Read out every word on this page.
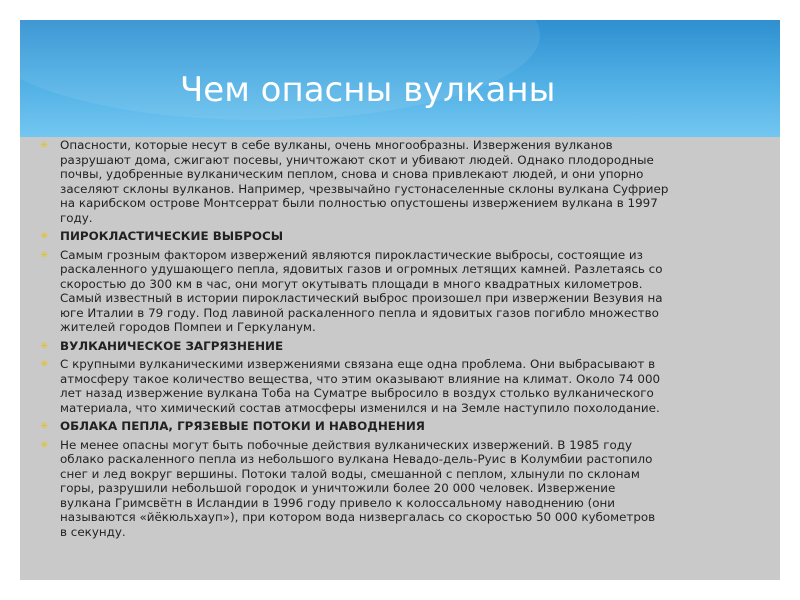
Чем опасны вулканы
✳ Опасности, которые несут в себе вулканы, очень многообразны. Извержения вулканов
разрушают дома, сжигают посевы, уничтожают скот и убивают людей. Однако плодородные
почвы, удобренные вулканическим пеплом, снова и снова привлекают людей, и они упорно
заселяют склоны вулканов. Например, чрезвычайно густонаселенные склоны вулкана Суфриер
на карибском острове Монтсеррат были полностью опустошены извержением вулкана в 1997
году.
✳ ПИРОКЛАСТИЧЕСКИЕ ВЫБРОСЫ
✳ Самым грозным фактором извержений являются пирокластические выбросы, состоящие из
раскаленного удушающего пепла, ядовитых газов и огромных летящих камней. Разлетаясь со
скоростью до 300 км в час, они могут окутывать площади в много квадратных километров.
Самый известный в истории пирокластический выброс произошел при извержении Везувия на
юге Италии в 79 году. Под лавиной раскаленного пепла и ядовитых газов погибло множество
жителей городов Помпеи и Геркуланум.
✳ ВУЛКАНИЧЕСКОЕ ЗАГРЯЗНЕНИЕ
✳ С крупными вулканическими извержениями связана еще одна проблема. Они выбрасывают в
атмосферу такое количество вещества, что этим оказывают влияние на климат. Около 74 000
лет назад извержение вулкана Тоба на Суматре выбросило в воздух столько вулканического
материала, что химический состав атмосферы изменился и на Земле наступило похолодание.
✳ ОБЛАКА ПЕПЛА, ГРЯЗЕВЫЕ ПОТОКИ И НАВОДНЕНИЯ
✳ Не менее опасны могут быть побочные действия вулканических извержений. В 1985 году
облако раскаленного пепла из небольшого вулкана Невадо-дель-Руис в Колумбии растопило
снег и лед вокруг вершины. Потоки талой воды, смешанной с пеплом, хлынули по склонам
горы, разрушили небольшой городок и уничтожили более 20 000 человек. Извержение
вулкана Гримсвётн в Исландии в 1996 году привело к колоссальному наводнению (они
называются «йёкюльхауп»), при котором вода низвергалась со скоростью 50 000 кубометров
в секунду.
